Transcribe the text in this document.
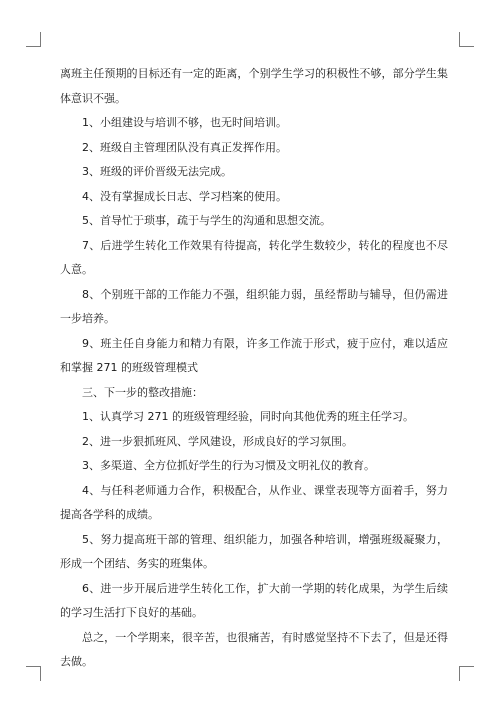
离班主任预期的目标还有一定的距离，个别学生学习的积极性不够，部分学生集体意识不强。

1、小组建设与培训不够，也无时间培训。

2、班级自主管理团队没有真正发挥作用。

3、班级的评价晋级无法完成。

4、没有掌握成长日志、学习档案的使用。

5、首导忙于琐事，疏于与学生的沟通和思想交流。

7、后进学生转化工作效果有待提高，转化学生数较少，转化的程度也不尽人意。

8、个别班干部的工作能力不强，组织能力弱，虽经帮助与辅导，但仍需进一步培养。

9、班主任自身能力和精力有限，许多工作流于形式，疲于应付，难以适应和掌握 271 的班级管理模式

三、下一步的整改措施：

1、认真学习 271 的班级管理经验，同时向其他优秀的班主任学习。

2、进一步狠抓班风、学风建设，形成良好的学习氛围。

3、多渠道、全方位抓好学生的行为习惯及文明礼仪的教育。

4、与任科老师通力合作，积极配合，从作业、课堂表现等方面着手，努力提高各学科的成绩。

5、努力提高班干部的管理、组织能力，加强各种培训，增强班级凝聚力，形成一个团结、务实的班集体。

6、进一步开展后进学生转化工作，扩大前一学期的转化成果，为学生后续的学习生活打下良好的基础。

总之，一个学期来，很辛苦，也很痛苦，有时感觉坚持不下去了，但是还得去做。
